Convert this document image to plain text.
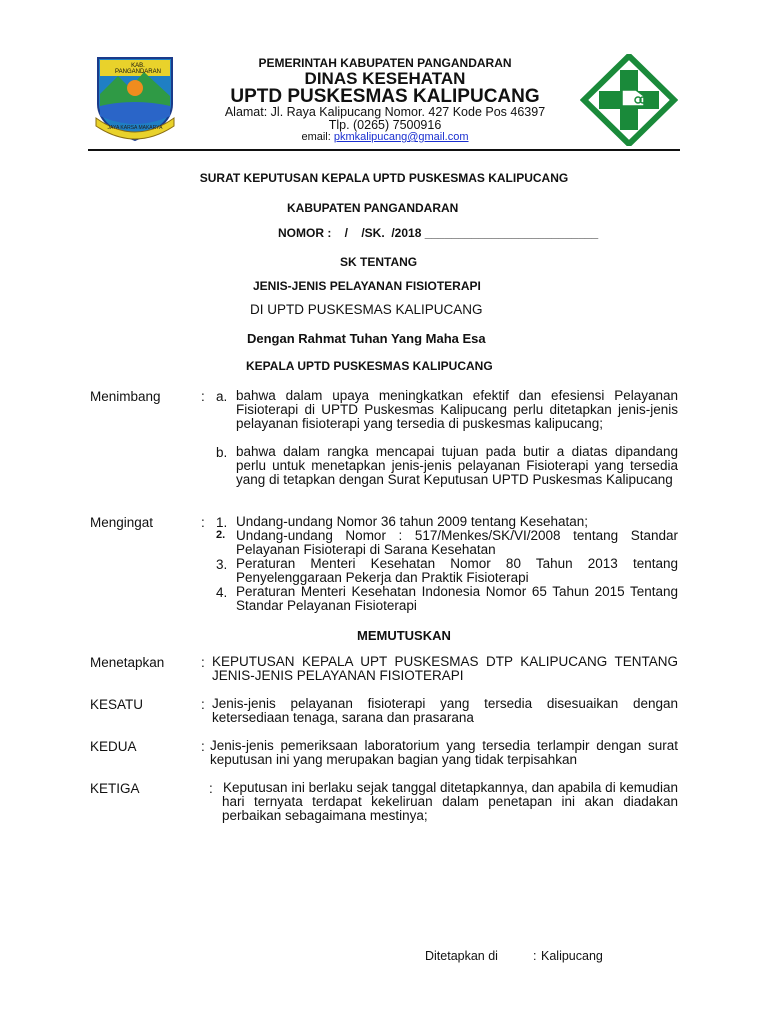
KAB. PANGANDARAN
JAYA KARSA MAKARYA
PEMERINTAH KABUPATEN PANGANDARAN
DINAS KESEHATAN
UPTD PUSKESMAS KALIPUCANG
Alamat: Jl. Raya Kalipucang Nomor. 427 Kode Pos 46397
Tlp. (0265) 7500916
email: pkmkalipucang@gmail.com
SURAT KEPUTUSAN KEPALA UPTD PUSKESMAS KALIPUCANG
KABUPATEN PANGANDARAN
NOMOR :    /    /SK.  /2018 __________________________
SK TENTANG
JENIS-JENIS PELAYANAN FISIOTERAPI
DI UPTD PUSKESMAS KALIPUCANG
Dengan Rahmat Tuhan Yang Maha Esa
KEPALA UPTD PUSKESMAS KALIPUCANG
Menimbang	: a. bahwa dalam upaya meningkatkan efektif dan efesiensi Pelayanan Fisioterapi di UPTD Puskesmas Kalipucang perlu ditetapkan jenis-jenis pelayanan fisioterapi yang tersedia di puskesmas kalipucang;
b. bahwa dalam rangka mencapai tujuan pada butir a diatas dipandang perlu untuk menetapkan jenis-jenis pelayanan Fisioterapi yang tersedia yang di tetapkan dengan Surat Keputusan UPTD Puskesmas Kalipucang
Mengingat	: 1. Undang-undang Nomor 36 tahun 2009 tentang Kesehatan;
2. Undang-undang Nomor : 517/Menkes/SK/VI/2008 tentang Standar Pelayanan Fisioterapi di Sarana Kesehatan
3. Peraturan Menteri Kesehatan Nomor 80 Tahun 2013 tentang Penyelenggaraan Pekerja dan Praktik Fisioterapi
4. Peraturan Menteri Kesehatan Indonesia Nomor 65 Tahun 2015 Tentang Standar Pelayanan Fisioterapi
MEMUTUSKAN
Menetapkan	: KEPUTUSAN KEPALA UPT PUSKESMAS DTP KALIPUCANG TENTANG JENIS-JENIS PELAYANAN FISIOTERAPI
KESATU	: Jenis-jenis pelayanan fisioterapi yang tersedia disesuaikan dengan ketersediaan tenaga, sarana dan prasarana
KEDUA	: Jenis-jenis pemeriksaan laboratorium yang tersedia terlampir dengan surat keputusan ini yang merupakan bagian yang tidak terpisahkan
KETIGA	: Keputusan ini berlaku sejak tanggal ditetapkannya, dan apabila di kemudian hari ternyata terdapat kekeliruan dalam penetapan ini akan diadakan perbaikan sebagaimana mestinya;
Ditetapkan di	: Kalipucang
